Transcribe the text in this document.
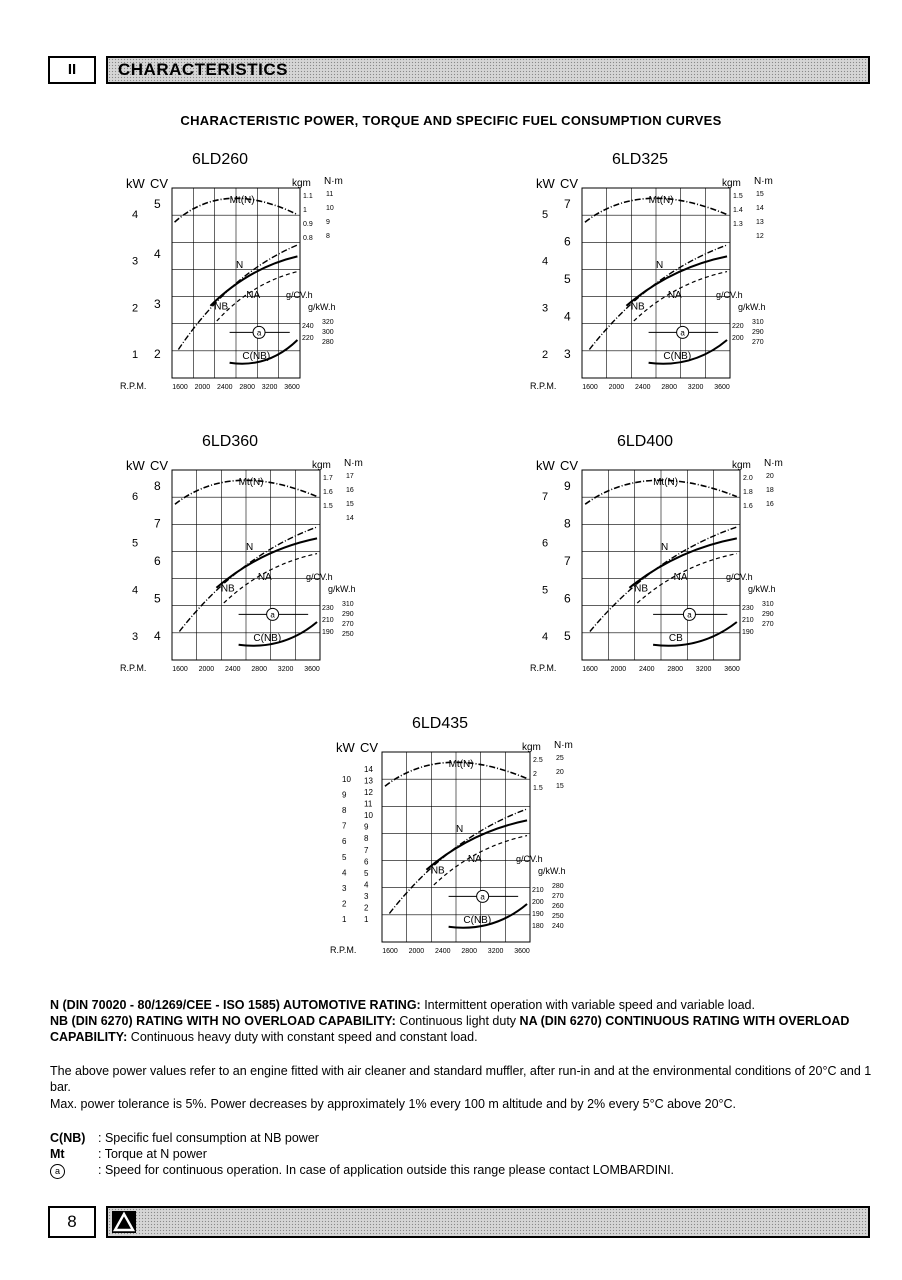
II	CHARACTERISTICS
CHARACTERISTIC POWER, TORQUE AND SPECIFIC FUEL CONSUMPTION CURVES
6LD260
kW CV
4
3
2
1
5
4
3
2
kgm N·m
1.1
1
0.9
0.8
11
10
9
8
g/CV.h
g/kW.h
240
220
320
300
280
R.P.M.	1600 2000 2400 2800 3200 3600
a
Mt(N)
N
NB
NA
C(NB)
6LD325
kW CV
5
4
3
2
7
6
5
4
3
kgm N·m
1.5
1.4
1.3
15
14
13
12
g/CV.h
g/kW.h
220
200
310
290
270
R.P.M.	1600 2000 2400 2800 3200 3600
a
Mt(N)
N
NB
NA
C(NB)
6LD360
kW CV
6
5
4
3
8
7
6
5
4
kgm N·m
1.7
1.6
1.5
17
16
15
14
g/CV.h
g/kW.h
230
210
190
310
290
270
250
R.P.M.	1600 2000 2400 2800 3200 3600
a
Mt(N)
N
NB
NA
C(NB)
6LD400
kW CV
7
6
5
4
9
8
7
6
5
kgm N·m
2.0
1.8
1.6
20
18
16
g/CV.h
g/kW.h
230
210
190
310
290
270
R.P.M.	1600 2000 2400 2800 3200 3600
a
Mt(N)
N
NB
NA
CB
6LD435
kW CV
10
9
8
7
6
5
4
3
2
1
14
13
12
11
10
9
8
7
6
5
4
3
2
1
kgm N·m
2.5
2
1.5
25
20
15
g/CV.h
g/kW.h
210
200
190
180
280
270
260
250
240
R.P.M.	1600 2000 2400 2800 3200 3600
a
Mt(N)
N
NB
NA
C(NB)
N (DIN 70020 - 80/1269/CEE - ISO 1585) AUTOMOTIVE RATING: Intermittent operation with variable speed and variable load.
NB (DIN 6270) RATING WITH NO OVERLOAD CAPABILITY: Continuous light duty NA (DIN 6270) CONTINUOUS RATING WITH OVERLOAD CAPABILITY: Continuous heavy duty with constant speed and constant load.
The above power values refer to an engine fitted with air cleaner and standard muffler, after run-in and at the environmental conditions of 20°C and 1 bar.
Max. power tolerance is 5%. Power decreases by approximately 1% every 100 m altitude and by 2% every 5°C above 20°C.
C(NB) : Specific fuel consumption at NB power
Mt	: Torque at N power
a	: Speed for continuous operation. In case of application outside this range please contact LOMBARDINI.
8
